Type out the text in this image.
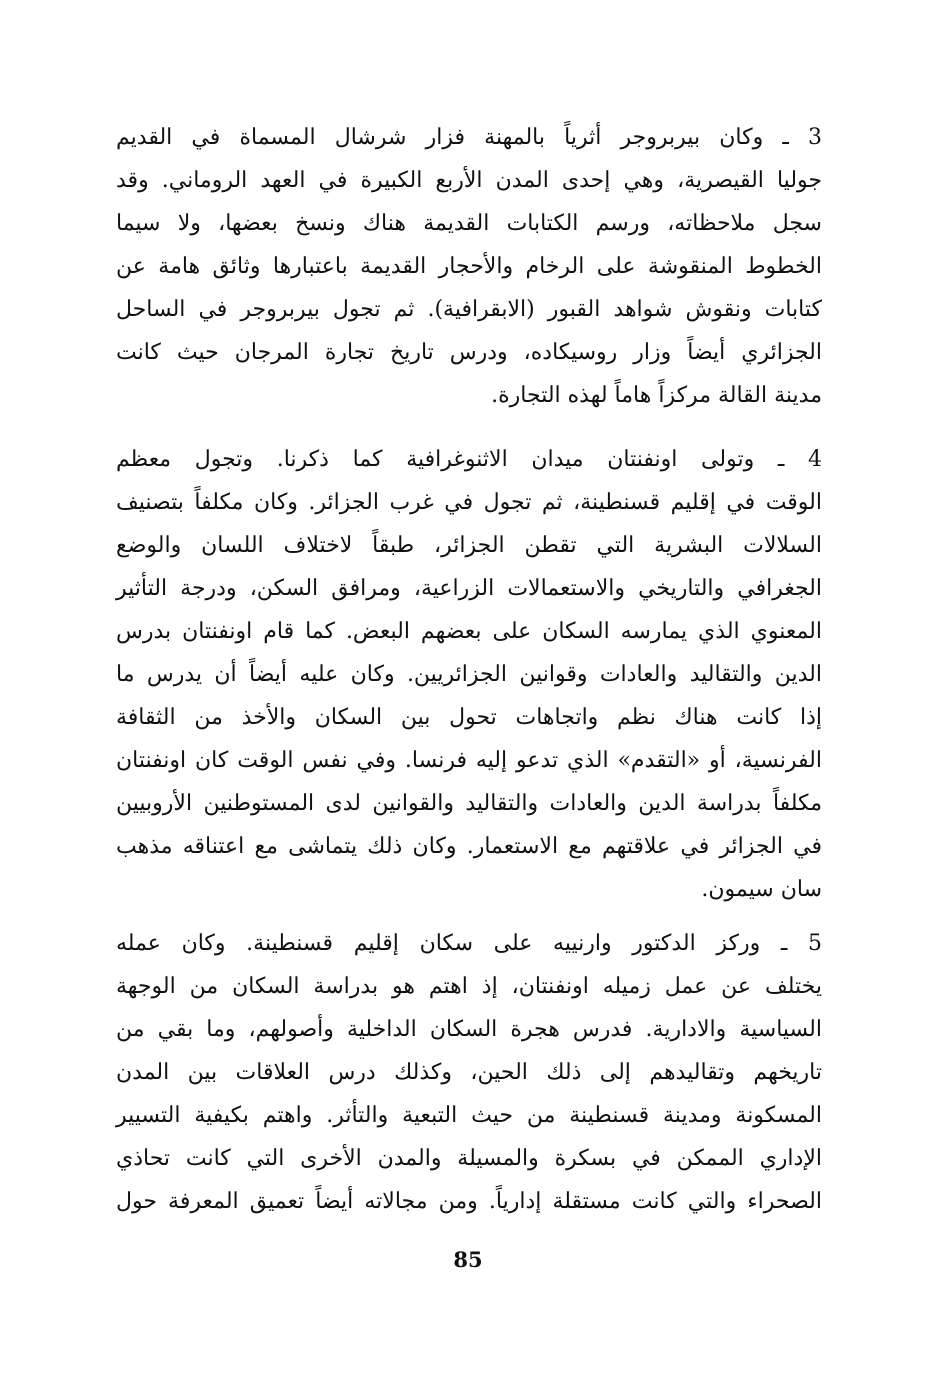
3 ـ وكان بيربروجر أثرياً بالمهنة فزار شرشال المسماة في القديم
جوليا القيصرية، وهي إحدى المدن الأربع الكبيرة في العهد الروماني. وقد
سجل ملاحظاته، ورسم الكتابات القديمة هناك ونسخ بعضها، ولا سيما
الخطوط المنقوشة على الرخام والأحجار القديمة باعتبارها وثائق هامة عن
كتابات ونقوش شواهد القبور (الابقرافية). ثم تجول بيربروجر في الساحل
الجزائري أيضاً وزار روسيكاده، ودرس تاريخ تجارة المرجان حيث كانت
مدينة القالة مركزاً هاماً لهذه التجارة.
4 ـ وتولى اونفنتان ميدان الاثنوغرافية كما ذكرنا. وتجول معظم
الوقت في إقليم قسنطينة، ثم تجول في غرب الجزائر. وكان مكلفاً بتصنيف
السلالات البشرية التي تقطن الجزائر، طبقاً لاختلاف اللسان والوضع
الجغرافي والتاريخي والاستعمالات الزراعية، ومرافق السكن، ودرجة التأثير
المعنوي الذي يمارسه السكان على بعضهم البعض. كما قام اونفنتان بدرس
الدين والتقاليد والعادات وقوانين الجزائريين. وكان عليه أيضاً أن يدرس ما
إذا كانت هناك نظم واتجاهات تحول بين السكان والأخذ من الثقافة
الفرنسية، أو «التقدم» الذي تدعو إليه فرنسا. وفي نفس الوقت كان اونفنتان
مكلفاً بدراسة الدين والعادات والتقاليد والقوانين لدى المستوطنين الأروبيين
في الجزائر في علاقتهم مع الاستعمار. وكان ذلك يتماشى مع اعتناقه مذهب
سان سيمون.
5 ـ وركز الدكتور وارنييه على سكان إقليم قسنطينة. وكان عمله
يختلف عن عمل زميله اونفنتان، إذ اهتم هو بدراسة السكان من الوجهة
السياسية والادارية. فدرس هجرة السكان الداخلية وأصولهم، وما بقي من
تاريخهم وتقاليدهم إلى ذلك الحين، وكذلك درس العلاقات بين المدن
المسكونة ومدينة قسنطينة من حيث التبعية والتأثر. واهتم بكيفية التسيير
الإداري الممكن في بسكرة والمسيلة والمدن الأخرى التي كانت تحاذي
الصحراء والتي كانت مستقلة إدارياً. ومن مجالاته أيضاً تعميق المعرفة حول
85
